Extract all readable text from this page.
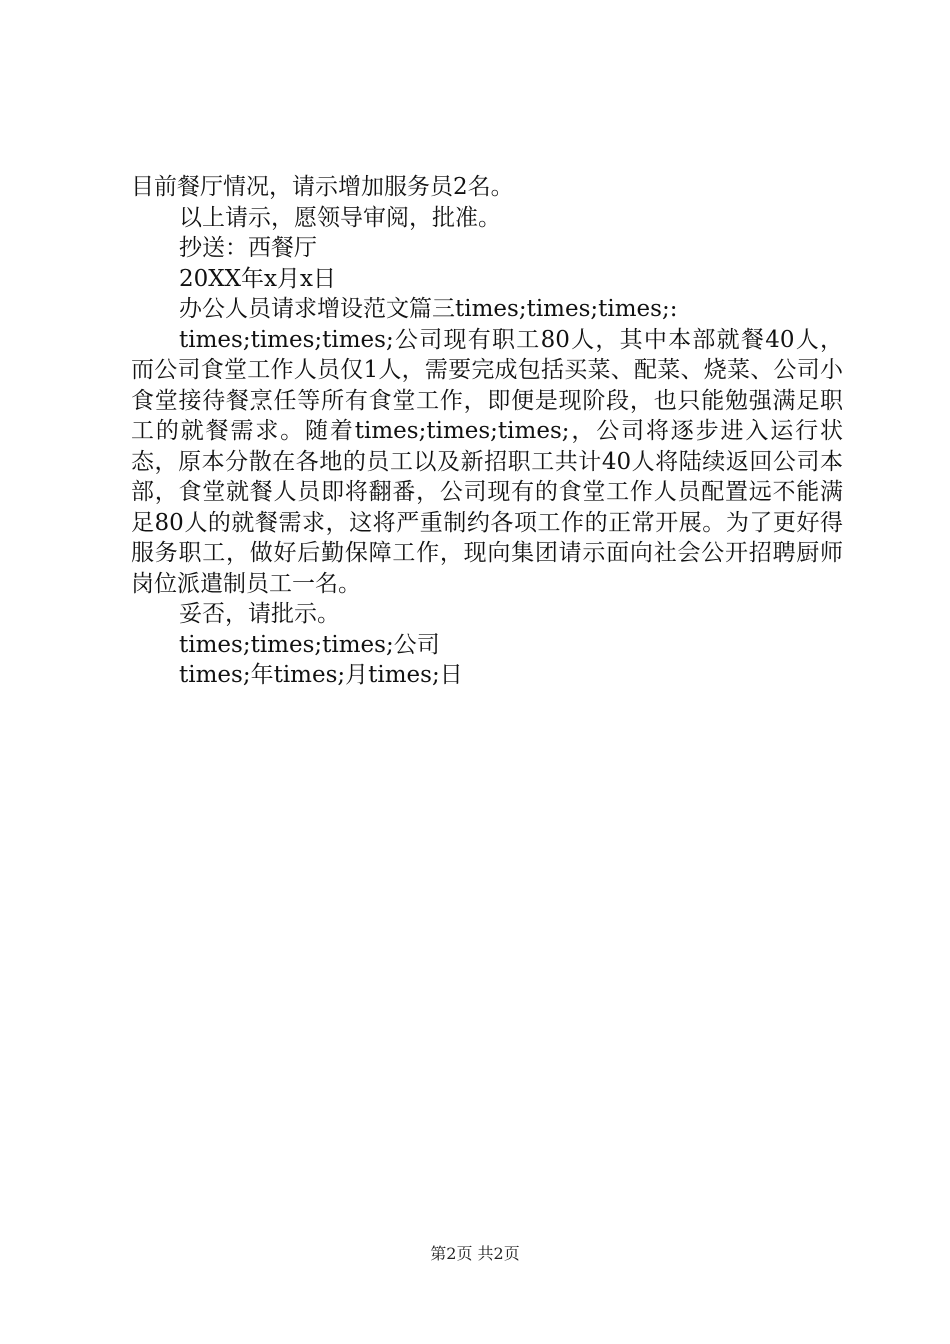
目前餐厅情况，请示增加服务员2名。

以上请示，愿领导审阅，批准。

抄送：西餐厅

20XX年x月x日

办公人员请求增设范文篇三times;times;times;:

times;times;times;公司现有职工80人，其中本部就餐40人，而公司食堂工作人员仅1人，需要完成包括买菜、配菜、烧菜、公司小食堂接待餐烹任等所有食堂工作，即便是现阶段，也只能勉强满足职工的就餐需求。随着times;times;times;，公司将逐步进入运行状态，原本分散在各地的员工以及新招职工共计40人将陆续返回公司本部，食堂就餐人员即将翻番，公司现有的食堂工作人员配置远不能满足80人的就餐需求，这将严重制约各项工作的正常开展。为了更好得服务职工，做好后勤保障工作，现向集团请示面向社会公开招聘厨师岗位派遣制员工一名。

妥否，请批示。

times;times;times;公司

times;年times;月times;日

第2页 共2页
